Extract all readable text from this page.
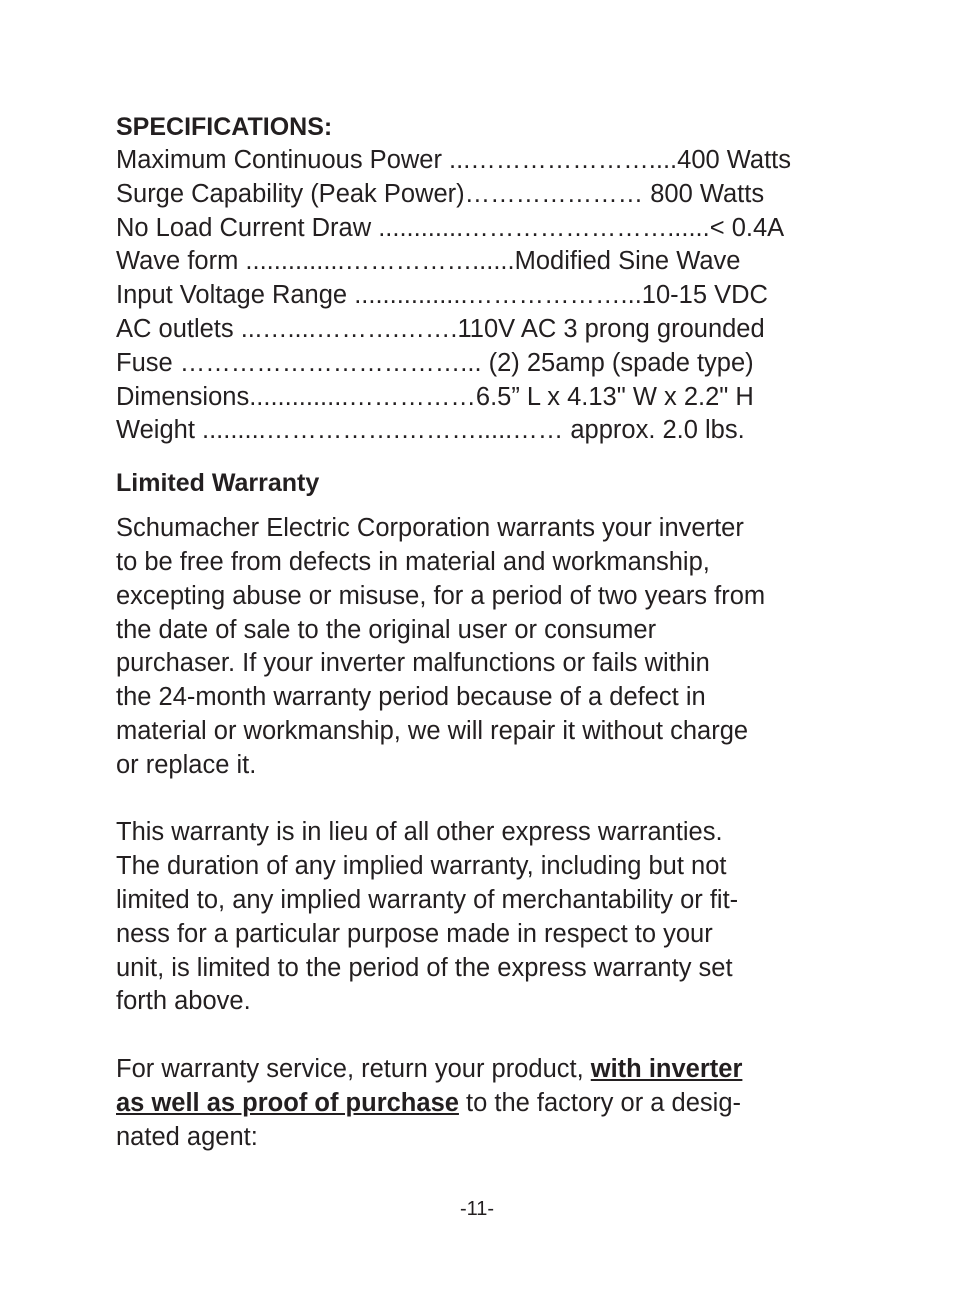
SPECIFICATIONS:
Maximum Continuous Power ...…………………....400 Watts
Surge Capability (Peak Power)………………… 800 Watts
No Load Current Draw ............……………………......< 0.4A
Wave form ..............……………......Modified Sine Wave
Input Voltage Range ................………………...10-15 VDC
AC outlets ...…....……….…….110V AC 3 prong grounded
Fuse ……………………………... (2) 25amp (spade type)
Dimensions..............……………6.5” L x 4.13" W x 2.2" H
Weight .........…………….……….....…… approx. 2.0 lbs.
Limited Warranty

Schumacher Electric Corporation warrants your inverter
to be free from defects in material and workmanship,
excepting abuse or misuse, for a period of two years from
the date of sale to the original user or consumer
purchaser. If your inverter malfunctions or fails within
the 24-month warranty period because of a defect in
material or workmanship, we will repair it without charge
or replace it.

This warranty is in lieu of all other express warranties.
The duration of any implied warranty, including but not
limited to, any implied warranty of merchantability or fit-
ness for a particular purpose made in respect to your
unit, is limited to the period of the express warranty set
forth above.

For warranty service, return your product, with inverter
as well as proof of purchase to the factory or a desig-
nated agent:

-11-
